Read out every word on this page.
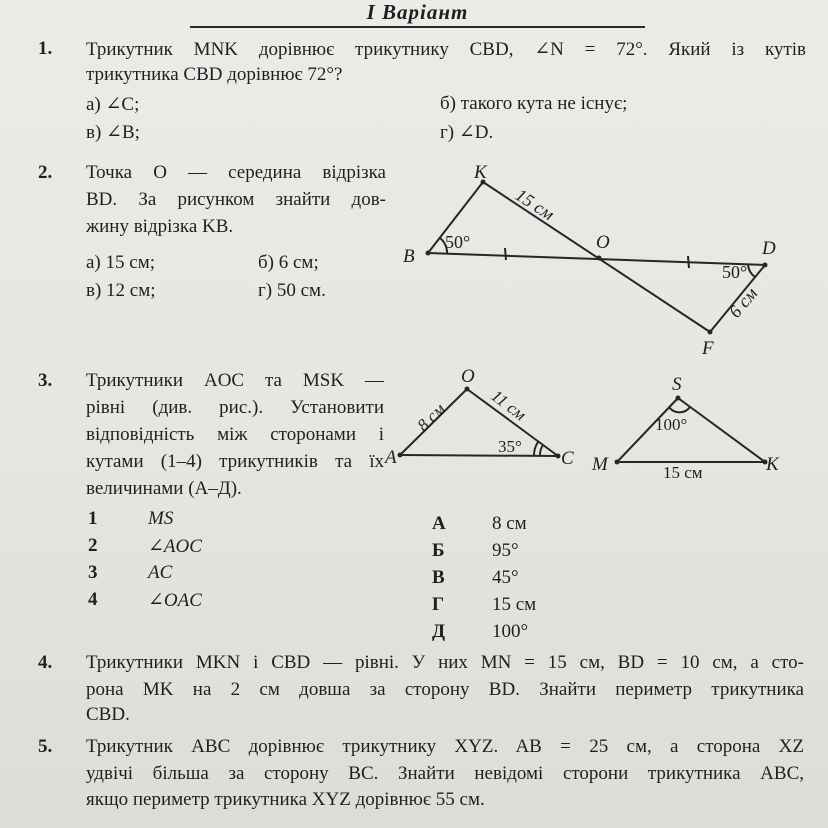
I Варіант
1. Трикутник MNK дорівнює трикутнику CBD, ∠N = 72°. Який із кутів
трикутника CBD дорівнює 72°?
а) ∠C;	б) такого кута не існує;
в) ∠B;	г) ∠D.
2. Точка O — середина відрізка
BD. За рисунком знайти дов-
жину відрізка KB.
а) 15 см;	б) 6 см;
в) 12 см;	г) 50 см.
K
B
O	D
F
50°
50°
15 см
6 см
3. Трикутники AOC та MSK —
рівні (див. рис.). Установити
відповідність між сторонами і
кутами (1–4) трикутників та їх
величинами (А–Д).
1	MS
2	∠AOC
3	AC
4	∠OAC
А 8 см
Б 95°
В 45°
Г	15 см
Д 100°
A
O
C M
S
K
8 см 11 см
35°
100°
15 см
4. Трикутники MKN і CBD — рівні. У них MN = 15 см, BD = 10 см, а сто-
рона MK на 2 см довша за сторону BD. Знайти периметр трикутника
CBD.
5. Трикутник ABC дорівнює трикутнику XYZ. AB = 25 см, а сторона XZ
удвічі більша за сторону BC. Знайти невідомі сторони трикутника ABC,
якщо периметр трикутника XYZ дорівнює 55 см.
